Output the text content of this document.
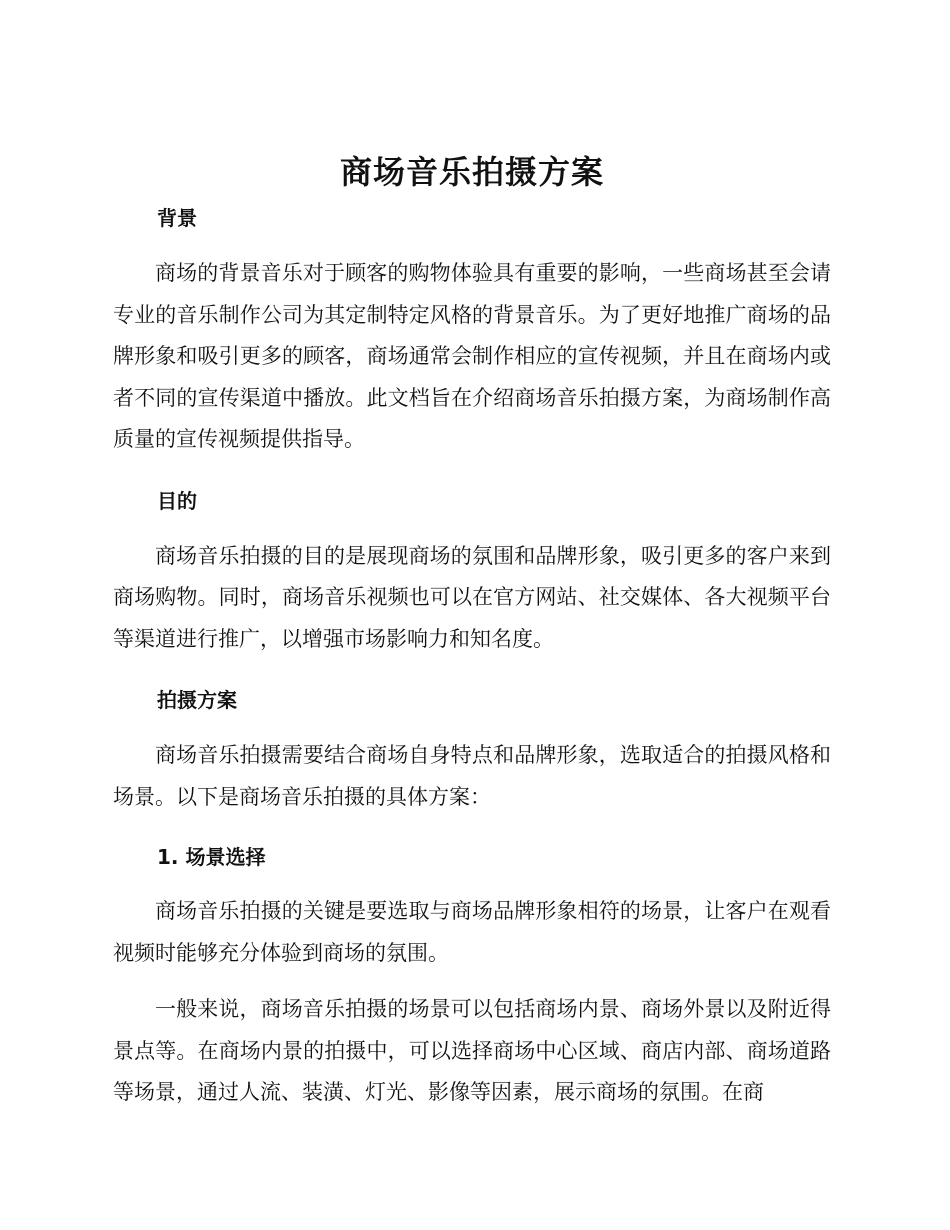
商场音乐拍摄方案
背景

商场的背景音乐对于顾客的购物体验具有重要的影响，一些商场甚至会请专业的音乐制作公司为其定制特定风格的背景音乐。为了更好地推广商场的品牌形象和吸引更多的顾客，商场通常会制作相应的宣传视频，并且在商场内或者不同的宣传渠道中播放。此文档旨在介绍商场音乐拍摄方案，为商场制作高质量的宣传视频提供指导。

目的

商场音乐拍摄的目的是展现商场的氛围和品牌形象，吸引更多的客户来到商场购物。同时，商场音乐视频也可以在官方网站、社交媒体、各大视频平台等渠道进行推广，以增强市场影响力和知名度。

拍摄方案

商场音乐拍摄需要结合商场自身特点和品牌形象，选取适合的拍摄风格和场景。以下是商场音乐拍摄的具体方案：

1. 场景选择

商场音乐拍摄的关键是要选取与商场品牌形象相符的场景，让客户在观看视频时能够充分体验到商场的氛围。

一般来说，商场音乐拍摄的场景可以包括商场内景、商场外景以及附近得景点等。在商场内景的拍摄中，可以选择商场中心区域、商店内部、商场道路等场景，通过人流、装潢、灯光、影像等因素，展示商场的氛围。在商
